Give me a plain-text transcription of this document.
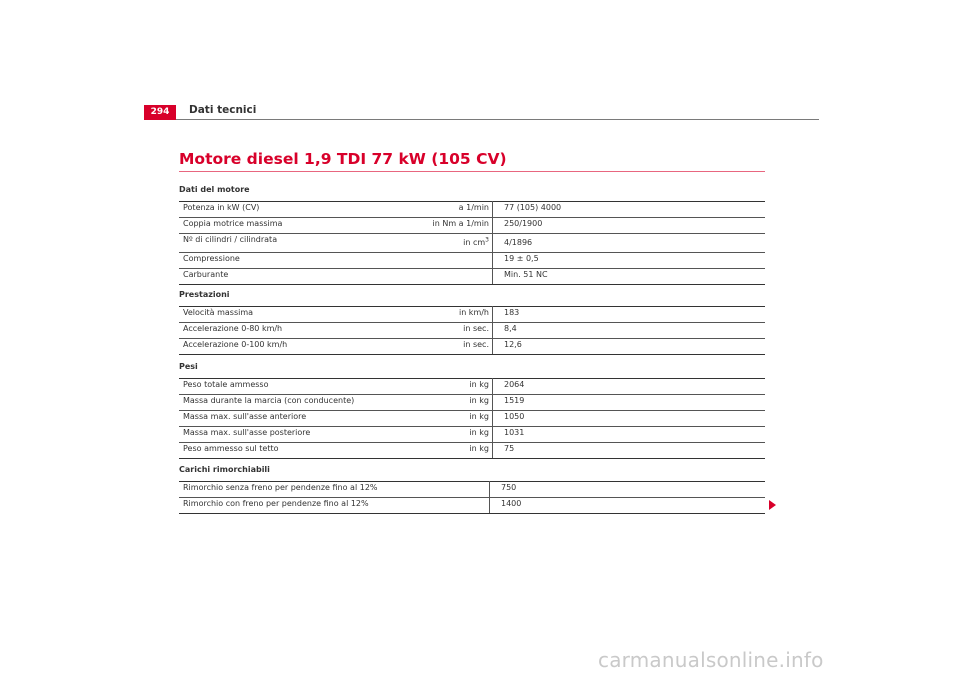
294	Dati tecnici
Motore diesel 1,9 TDI 77 kW (105 CV)
Dati del motore
Potenza in kW (CV)	a 1/min	77 (105) 4000
Coppia motrice massima	in Nm a 1/min	250/1900
Nº di cilindri / cilindrata	in $cm^3$	4/1896
Compressione		19 ± 0,5
Carburante		Min. 51 NC
Prestazioni
Velocità massima	in km/h	183
Accelerazione 0-80 km/h	in sec.	8,4
Accelerazione 0-100 km/h	in sec.	12,6
Pesi
Peso totale ammesso	in kg	2064
Massa durante la marcia (con conducente)	in kg	1519
Massa max. sull'asse anteriore	in kg	1050
Massa max. sull'asse posteriore	in kg	1031
Peso ammesso sul tetto	in kg	75
Carichi rimorchiabili
Rimorchio senza freno per pendenze fino al 12%	750
Rimorchio con freno per pendenze fino al 12%	1400
carmanualsonline.info
